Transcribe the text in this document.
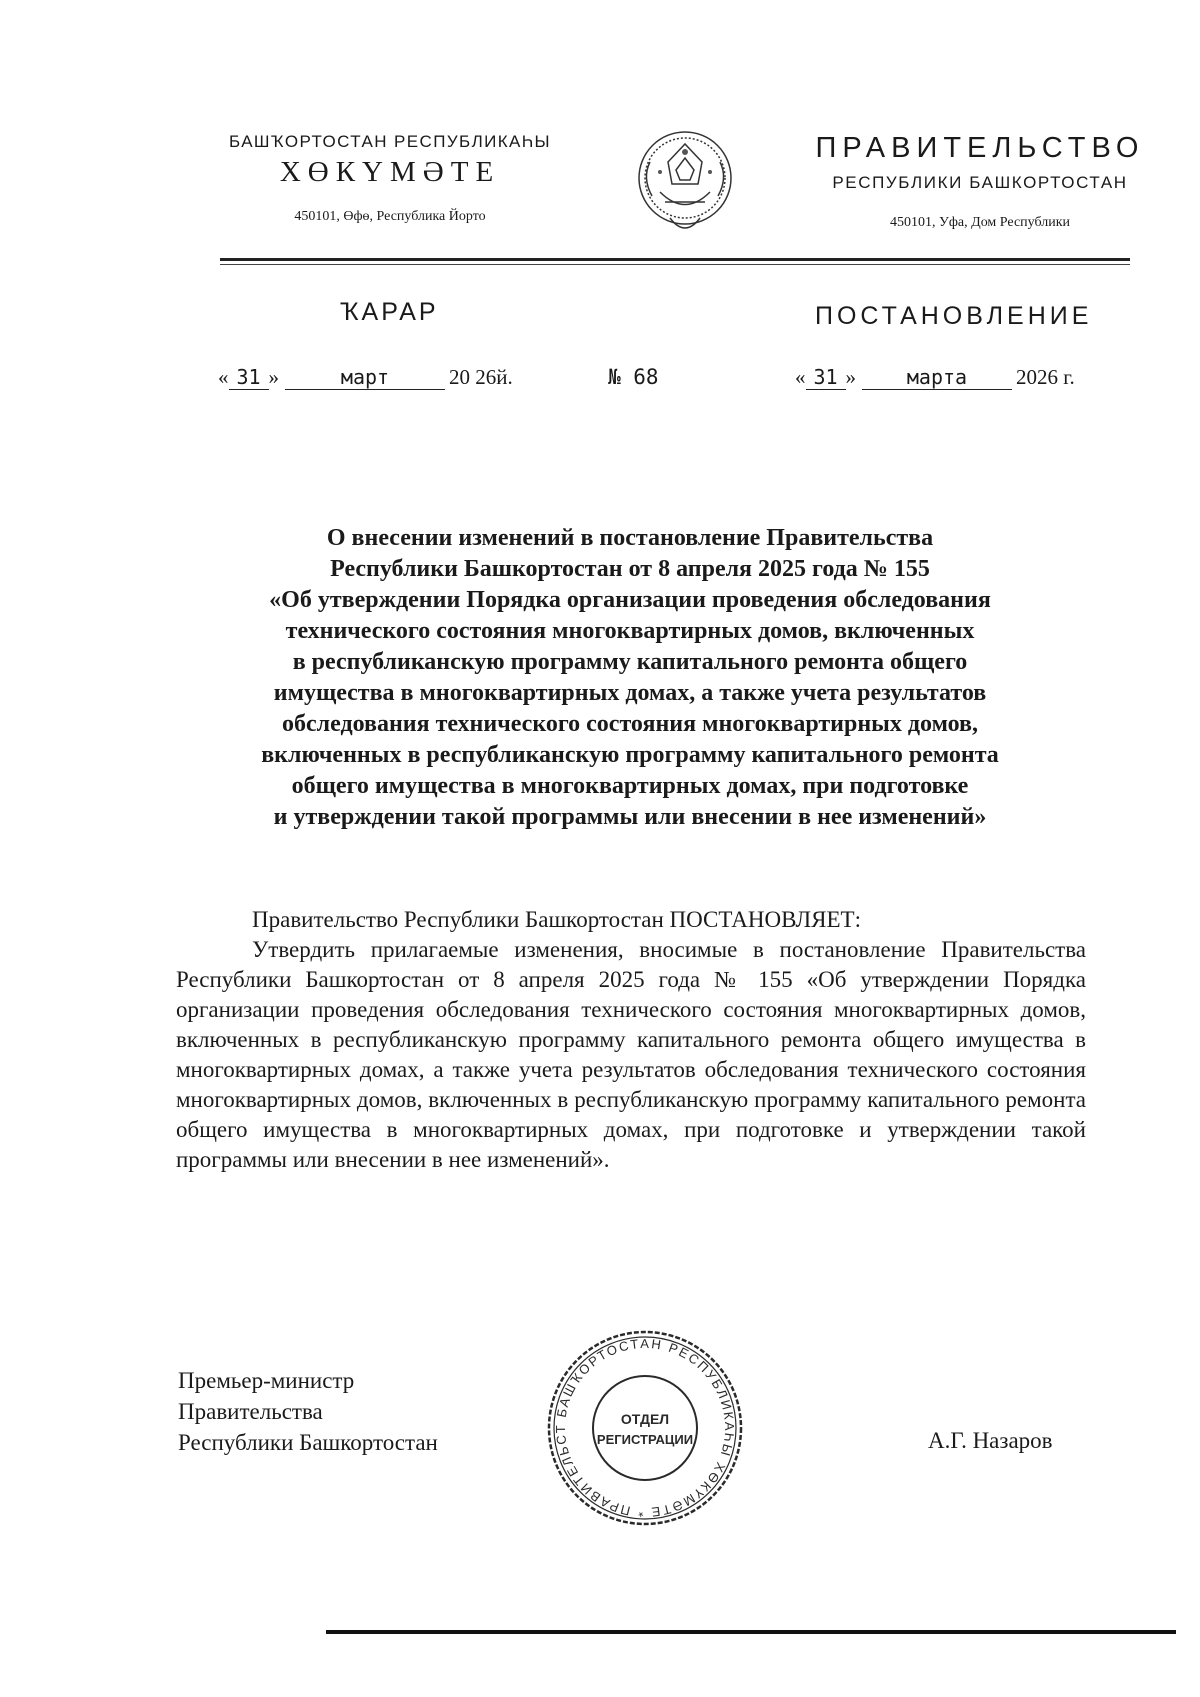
БАШҠОРТОСТАН РЕСПУБЛИКАҺЫ
ХӨКҮМӘТЕ
450101, Өфө, Республика Йорто
ПРАВИТЕЛЬСТВО
РЕСПУБЛИКИ БАШКОРТОСТАН
450101, Уфа, Дом Республики
ҠАРАР	ПОСТАНОВЛЕНИЕ
« 31 »	март	20 26й.	№ 68	« 31 »	марта 2026 г.
О внесении изменений в постановление Правительства
Республики Башкортостан от 8 апреля 2025 года № 155
«Об утверждении Порядка организации проведения обследования
технического состояния многоквартирных домов, включенных
в республиканскую программу капитального ремонта общего
имущества в многоквартирных домах, а также учета результатов
обследования технического состояния многоквартирных домов,
включенных в республиканскую программу капитального ремонта
общего имущества в многоквартирных домах, при подготовке
и утверждении такой программы или внесении в нее изменений»

Правительство Республики Башкортостан ПОСТАНОВЛЯЕТ:

Утвердить прилагаемые изменения, вносимые в постановление Правительства Республики Башкортостан от 8 апреля 2025 года № 155 «Об утверждении Порядка организации проведения обследования технического состояния многоквартирных домов, включенных в республиканскую программу капитального ремонта общего имущества в многоквартирных домах, а также учета результатов обследования технического состояния многоквартирных домов, включенных в республиканскую программу капитального ремонта общего имущества в многоквартирных домах, при подготовке и утверждении такой программы или внесении в нее изменений».

Премьер-министр
Правительства
Республики Башкортостан	А.Г. Назаров
БАШҠОРТОСТАН РЕСПУБЛИКАҺЫ ХӨКҮМӘТЕ * ПРАВИТЕЛЬСТ
ОТДЕЛ
РЕГИСТРАЦИИ
